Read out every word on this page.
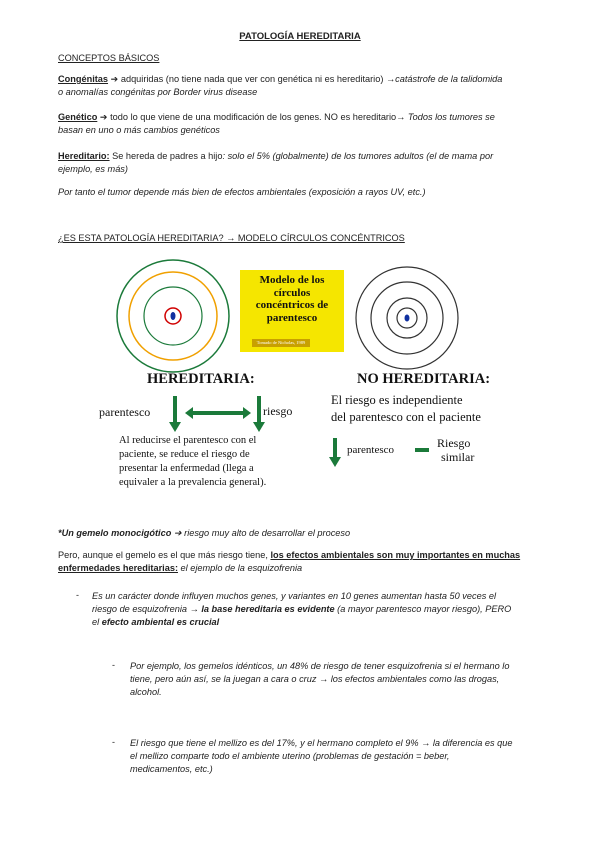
PATOLOGÍA HEREDITARIA
CONCEPTOS BÁSICOS
Congénitas ➔ adquiridas (no tiene nada que ver con genética ni es hereditario) →catástrofe de la talidomida
o anomalías congénitas por Border virus disease
Genético ➔ todo lo que viene de una modificación de los genes. NO es hereditario→ Todos los tumores se
basan en uno o más cambios genéticos
Hereditario: Se hereda de padres a hijo: solo el 5% (globalmente) de los tumores adultos (el de mama por
ejemplo, es más)
Por tanto el tumor depende más bien de efectos ambientales (exposición a rayos UV, etc.)
¿ES ESTA PATOLOGÍA HEREDITARIA? → MODELO CÍRCULOS CONCÉNTRICOS
Modelo de los
círculos
concéntricos de
parentesco
Tomado de Nicholas, 1989
HEREDITARIA:	NO HEREDITARIA:
parentesco	riesgo
Al reducirse el parentesco con el
paciente, se reduce el riesgo de
presentar la enfermedad (llega a
equivaler a la prevalencia general).
El riesgo es independiente
del parentesco con el paciente
parentesco	Riesgo
similar
*Un gemelo monocigótico ➔ riesgo muy alto de desarrollar el proceso
Pero, aunque el gemelo es el que más riesgo tiene, los efectos ambientales son muy importantes en muchas
enfermedades hereditarias: el ejemplo de la esquizofrenia
- Es un carácter donde influyen muchos genes, y variantes en 10 genes aumentan hasta 50 veces el
riesgo de esquizofrenia → la base hereditaria es evidente (a mayor parentesco mayor riesgo), PERO
el efecto ambiental es crucial
- Por ejemplo, los gemelos idénticos, un 48% de riesgo de tener esquizofrenia si el hermano lo
tiene, pero aún así, se la juegan a cara o cruz → los efectos ambientales como las drogas,
alcohol.
- El riesgo que tiene el mellizo es del 17%, y el hermano completo el 9% → la diferencia es que
el mellizo comparte todo el ambiente uterino (problemas de gestación = beber,
medicamentos, etc.)
